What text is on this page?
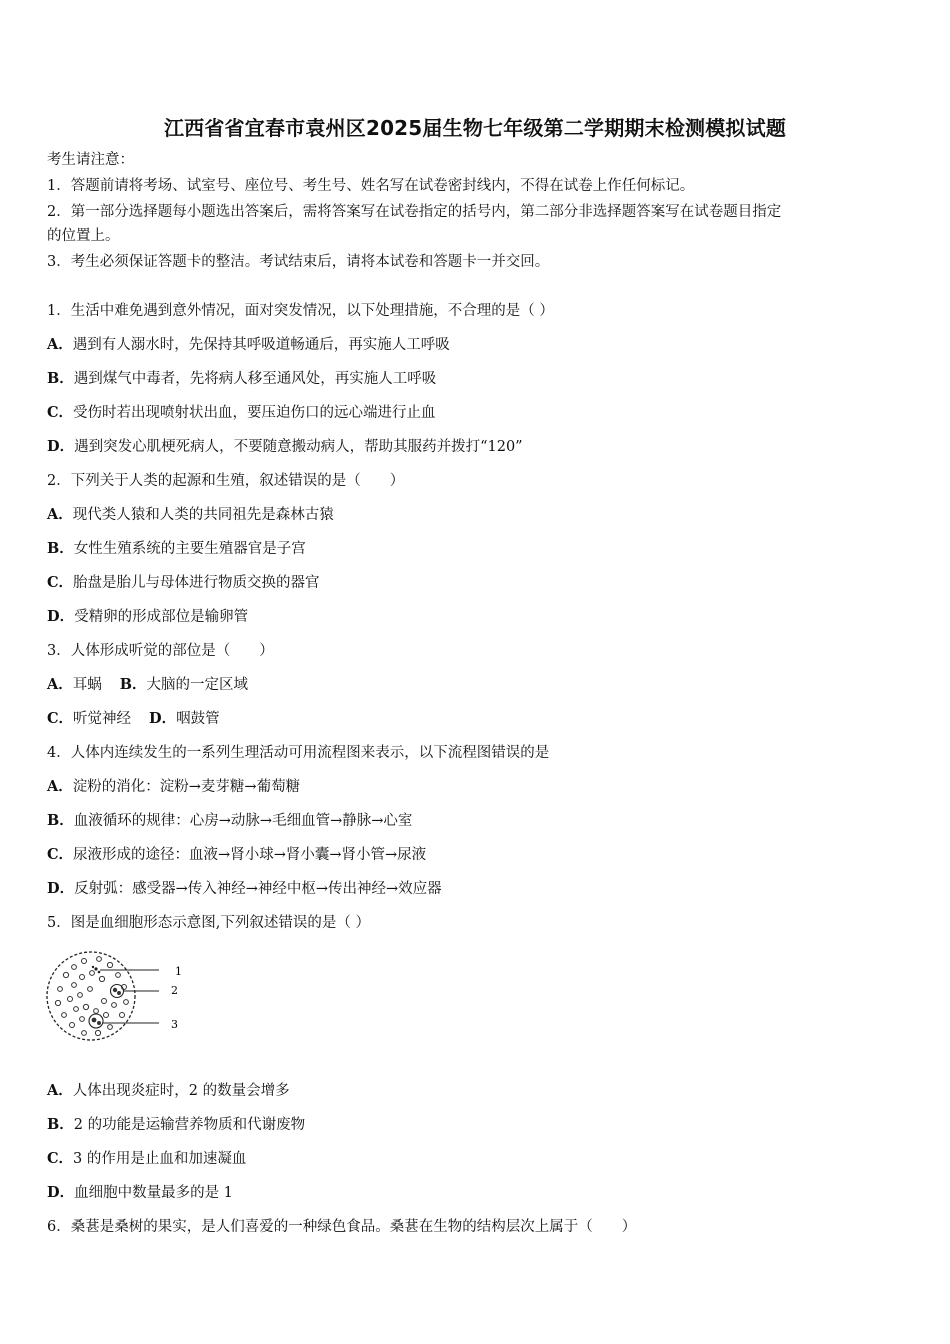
江西省省宜春市袁州区2025届生物七年级第二学期期末检测模拟试题
考生请注意：
1．答题前请将考场、试室号、座位号、考生号、姓名写在试卷密封线内，不得在试卷上作任何标记。
2．第一部分选择题每小题选出答案后，需将答案写在试卷指定的括号内，第二部分非选择题答案写在试卷题目指定
的位置上。
3．考生必须保证答题卡的整洁。考试结束后，请将本试卷和答题卡一并交回。
1．生活中难免遇到意外情况，面对突发情况，以下处理措施，不合理的是（ ）
A．遇到有人溺水时，先保持其呼吸道畅通后，再实施人工呼吸
B．遇到煤气中毒者，先将病人移至通风处，再实施人工呼吸
C．受伤时若出现喷射状出血，要压迫伤口的远心端进行止血
D．遇到突发心肌梗死病人，不要随意搬动病人，帮助其服药并拨打“120”
2．下列关于人类的起源和生殖，叙述错误的是（　　）
A．现代类人猿和人类的共同祖先是森林古猿
B．女性生殖系统的主要生殖器官是子宫
C．胎盘是胎儿与母体进行物质交换的器官
D．受精卵的形成部位是输卵管
3．人体形成听觉的部位是（　　）
A．耳蜗 B．大脑的一定区域
C．听觉神经 D．咽鼓管
4．人体内连续发生的一系列生理活动可用流程图来表示，以下流程图错误的是
A．淀粉的消化：淀粉→麦芽糖→葡萄糖
B．血液循环的规律：心房→动脉→毛细血管→静脉→心室
C．尿液形成的途径：血液→肾小球→肾小囊→肾小管→尿液
D．反射弧：感受器→传入神经→神经中枢→传出神经→效应器
5．图是血细胞形态示意图,下列叙述错误的是（ ）
1
2
3
A．人体出现炎症时，2 的数量会增多
B．2 的功能是运输营养物质和代谢废物
C．3 的作用是止血和加速凝血
D．血细胞中数量最多的是 1
6．桑葚是桑树的果实，是人们喜爱的一种绿色食品。桑葚在生物的结构层次上属于（　　）
